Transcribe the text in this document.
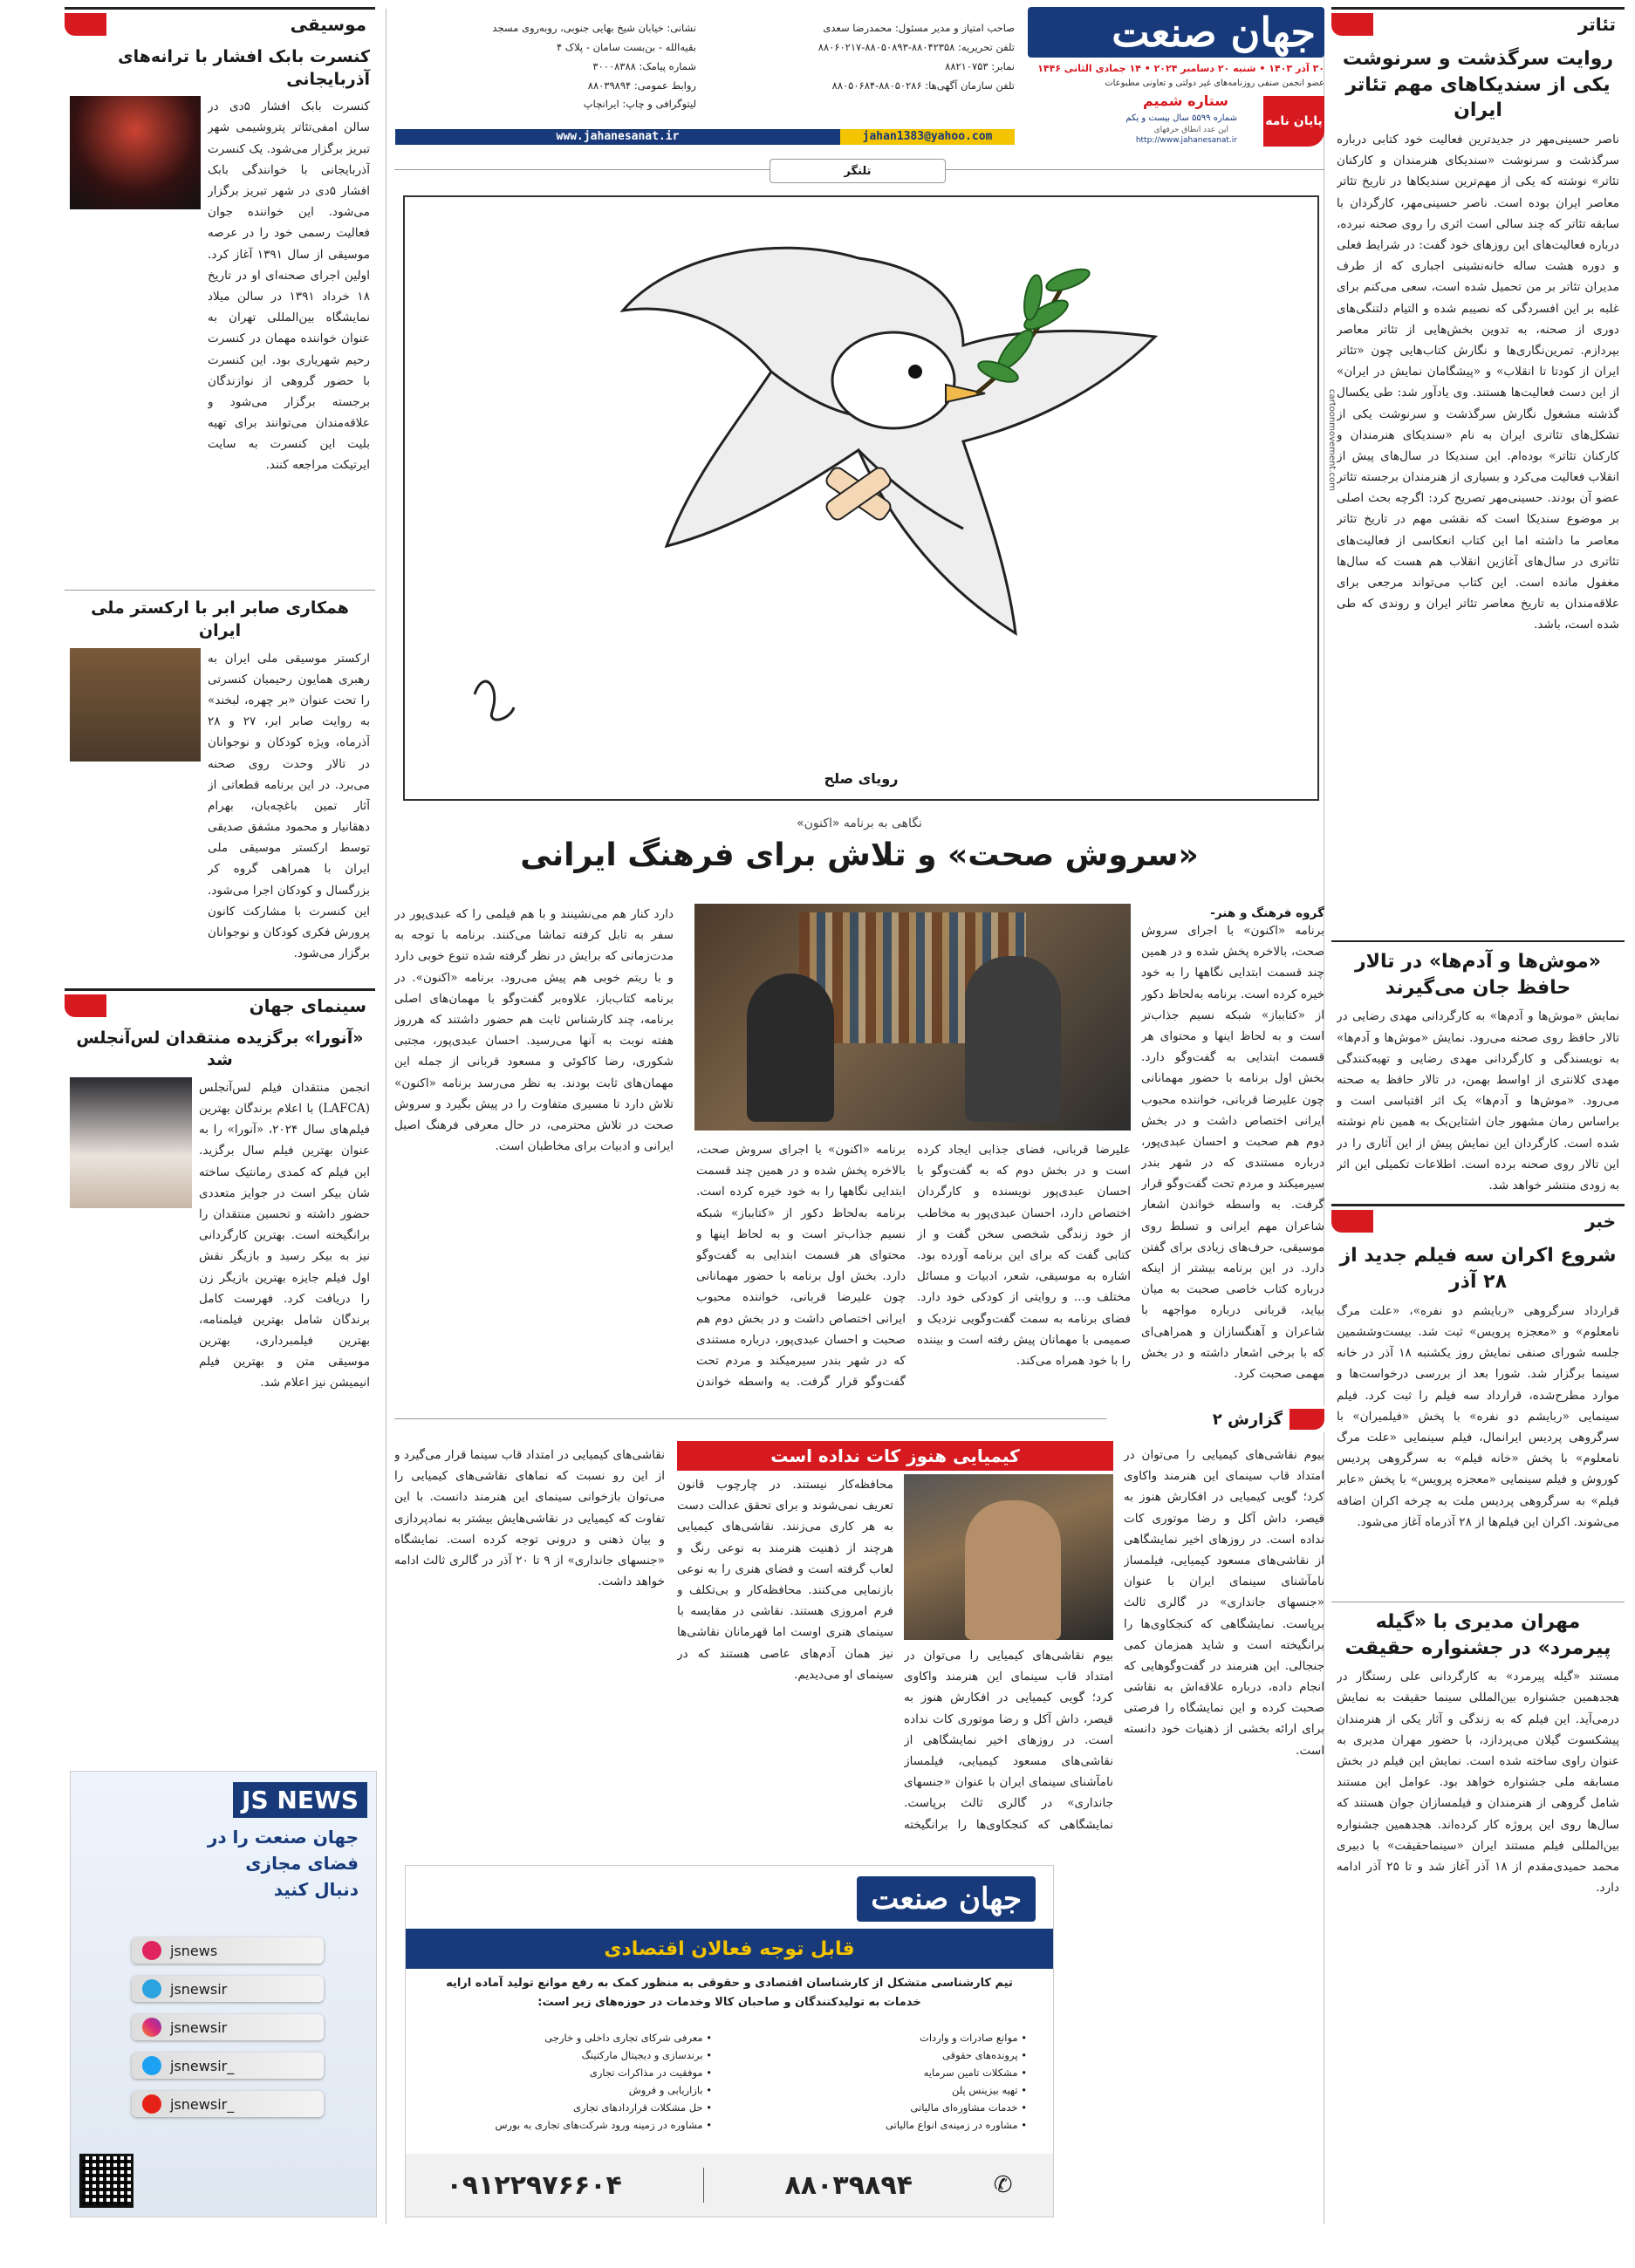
تئاتر
روایت سرگذشت و سرنوشت یکی از سندیکاهای مهم تئاتر ایران
ناصر حسینی‌مهر در جدیدترین فعالیت خود کتابی درباره سرگذشت و سرنوشت «سندیکای هنرمندان و کارکنان تئاتر» نوشته که یکی از مهم‌ترین سندیکاها در تاریخ تئاتر معاصر ایران بوده است. ناصر حسینی‌مهر، کارگردان با سابقه تئاتر که چند سالی است اثری را روی صحنه نبرده، درباره فعالیت‌های این روزهای خود گفت: در شرایط فعلی و دوره هشت ساله خانه‌نشینی اجباری که از طرف مدیران تئاتر بر من تحمیل شده است، سعی می‌کنم برای غلبه بر این افسردگی که نصیبم شده و التیام دلتنگی‌های دوری از صحنه، به تدوین بخش‌هایی از تئاتر معاصر بپردازم. تمرین‌نگاری‌ها و نگارش کتاب‌هایی چون «تئاتر ایران از کودتا تا انقلاب» و «پیشگامان نمایش در ایران» از این دست فعالیت‌ها هستند. وی یادآور شد: طی یکسال گذشته مشغول نگارش سرگذشت و سرنوشت یکی از تشکل‌های تئاتری ایران به نام «سندیکای هنرمندان و کارکنان تئاتر» بوده‌ام. این سندیکا در سال‌های پیش از انقلاب فعالیت می‌کرد و بسیاری از هنرمندان برجسته تئاتر عضو آن بودند. حسینی‌مهر تصریح کرد: اگرچه بحث اصلی بر موضوع سندیکا است که نقشی مهم در تاریخ تئاتر معاصر ما داشته اما این کتاب انعکاسی از فعالیت‌های تئاتری در سال‌های آغازین انقلاب هم هست که سال‌ها مغفول مانده است. این کتاب می‌تواند مرجعی برای علاقه‌مندان به تاریخ معاصر تئاتر ایران و روندی که طی شده است، باشد.
«موش‌ها و آدم‌ها» در تالار حافظ جان می‌گیرند
نمایش «موش‌ها و آدم‌ها» به کارگردانی مهدی رضایی در تالار حافظ روی صحنه می‌رود. نمایش «موش‌ها و آدم‌ها» به نویسندگی و کارگردانی مهدی رضایی و تهیه‌کنندگی مهدی کلانتری از اواسط بهمن، در تالار حافظ به صحنه می‌رود. «موش‌ها و آدم‌ها» یک اثر اقتباسی است و براساس رمان مشهور جان اشتاین‌بک به همین نام نوشته شده است. کارگردان این نمایش پیش از این آثاری را در این تالار روی صحنه برده است. اطلاعات تکمیلی این اثر به زودی منتشر خواهد شد.
خبر
شروع اکران سه فیلم جدید از ۲۸ آذر
قرارداد سرگروهی «ربایشم دو نفره»، «علت مرگ نامعلوم» و «معجزه پرویس» ثبت شد. بیست‌وششمین جلسه شورای صنفی نمایش روز یکشنبه ۱۸ آذر در خانه سینما برگزار شد. شورا بعد از بررسی درخواست‌ها و موارد مطرح‌شده، قرارداد سه فیلم را ثبت کرد. فیلم سینمایی «ربایشم دو نفره» با پخش «فیلمیران» با سرگروهی پردیس ایرانمال، فیلم سینمایی «علت مرگ نامعلوم» با پخش «خانه فیلم» به سرگروهی پردیس کوروش و فیلم سینمایی «معجزه پرویس» با پخش «عابر فیلم» به سرگروهی پردیس ملت به چرخه اکران اضافه می‌شوند. اکران این فیلم‌ها از ۲۸ آذرماه آغاز می‌شود.
مهران مدیری با «گیله پیرمرد» در جشنواره حقیقت
مستند «گیله پیرمرد» به کارگردانی علی رستگار در هجدهمین جشنواره بین‌المللی سینما حقیقت به نمایش درمی‌آید. این فیلم که به زندگی و آثار یکی از هنرمندان پیشکسوت گیلان می‌پردازد، با حضور مهران مدیری به عنوان راوی ساخته شده است. نمایش این فیلم در بخش مسابقه ملی جشنواره خواهد بود. عوامل این مستند شامل گروهی از هنرمندان و فیلمسازان جوان هستند که سال‌ها روی این پروژه کار کرده‌اند. هجدهمین جشنواره بین‌المللی فیلم مستند ایران «سینماحقیقت» با دبیری محمد حمیدی‌مقدم از ۱۸ آذر آغاز شد و تا ۲۵ آذر ادامه دارد.
جهان صنعت
۳۰ آذر ۱۴۰۳ • شنبه ۲۰ دسامبر ۲۰۲۴ • ۱۴ جمادی الثانی ۱۴۴۶
عضو انجمن صنفی روزنامه‌های غیر دولتی و تعاونی مطبوعات
پایان نامه
ستاره شمیم
شماره ۵۵۹۹ سال بیست و یکم
این عدد انطاق حرفهای
http://www.jahanesanat.ir
صاحب امتیاز و مدیر مسئول: محمدرضا سعدی
تلفن تحریریه: ۸۸۰۴۲۳۵۸-۸۸۰۵۰۸۹۳-۸۸۰۶۰۲۱۷
نمابر: ۸۸۲۱۰۷۵۳
تلفن سازمان آگهی‌ها: ۸۸۰۵۰۲۸۶-۸۸۰۵۰۶۸۴
نشانی: خیابان شیخ بهایی جنوبی، روبه‌روی مسجد بقیه‌الله - بن‌بست سامان - پلاک ۴
شماره پیامک: ۳۰۰۰۸۳۸۸
روابط عمومی: ۸۸۰۳۹۸۹۴
لیتوگرافی و چاپ: ایرانچاپ
jahan1383@yahoo.com
www.jahanesanat.ir
تلنگر
رویای صلح
cartoonmovement.com
نگاهی به برنامه «اکنون»
«سروش صحت» و تلاش برای فرهنگ ایرانی
گروه فرهنگ و هنر-
برنامه «اکنون» با اجرای سروش صحت، بالاخره پخش شده و در همین چند قسمت ابتدایی نگاهها را به خود خیره کرده است. برنامه به‌لحاظ دکور از «کتابباز» شبکه نسیم جذاب‌تر است و به لحاظ اینها و محتوای هر قسمت ابتدایی به گفت‌وگو دارد. بخش اول برنامه با حضور مهمانانی چون علیرضا قربانی، خواننده محبوب ایرانی اختصاص داشت و در بخش دوم هم صحبت و احسان عبدی‌پور، درباره مستندی که در شهر بندر سیرمیکند و مردم تحت گفت‌وگو قرار گرفت. به واسطه خواندن اشعار شاعران مهم ایرانی و تسلط روی موسیقی، حرف‌های زیادی برای گفتن دارد. در این برنامه بیشتر از اینکه درباره کتاب خاصی صحبت به میان بیاید، قربانی درباره مواجهه با شاعران و آهنگسازان و همراهی‌ای که با برخی اشعار داشته و در بخش مهمی صحبت کرد.
برنامه «اکنون» با اجرای سروش صحت، بالاخره پخش شده و در همین چند قسمت ابتدایی نگاهها را به خود خیره کرده است. برنامه به‌لحاظ دکور از «کتابباز» شبکه نسیم جذاب‌تر است و به لحاظ اینها و محتوای هر قسمت ابتدایی به گفت‌وگو دارد. بخش اول برنامه با حضور مهمانانی چون علیرضا قربانی، خواننده محبوب ایرانی اختصاص داشت و در بخش دوم هم صحبت و احسان عبدی‌پور، درباره مستندی که در شهر بندر سیرمیکند و مردم تحت گفت‌وگو قرار گرفت. به واسطه خواندن
علیرضا قربانی، فضای جذابی ایجاد کرده است و در بخش دوم که به گفت‌وگو با احسان عبدی‌پور نویسنده و کارگردان اختصاص دارد، احسان عبدی‌پور به مخاطب از خود زندگی شخصی سخن گفت و از کتابی گفت که برای این برنامه آورده بود. اشاره به موسیقی، شعر، ادبیات و مسائل مختلف و... و روایتی از کودکی خود دارد. فضای برنامه به سمت گفت‌وگویی نزدیک و صمیمی با مهمانان پیش رفته است و بیننده را با خود همراه می‌کند.
دارد کنار هم می‌نشینند و با هم فیلمی را که عبدی‌پور در سفر به تابل کرفته تماشا می‌کنند. برنامه با توجه به مدت‌زمانی که برایش در نظر گرفته شده تنوع خوبی دارد و با ریتم خوبی هم پیش می‌رود. برنامه «اکنون». در برنامه کتاب‌باز، علاوه‌بر گفت‌وگو با مهمان‌های اصلی برنامه، چند کارشناس ثابت هم حضور داشتند که هرروز هفته نوبت به آنها می‌رسید. احسان عبدی‌پور، مجتبی شکوری، رضا کاکوئی و مسعود قربانی از جمله این مهمان‌های ثابت بودند. به نظر می‌رسد برنامه «اکنون» تلاش دارد تا مسیری متفاوت را در پیش بگیرد و سروش صحت در تلاش محترمی، در حال معرفی فرهنگ اصیل ایرانی و ادبیات برای مخاطبان است.
گزارش ۲
بیوم نقاشی‌های کیمیایی را می‌توان در امتداد قاب سینمای این هنرمند واکاوی کرد؛ گویی کیمیایی در افکارش هنوز به قیصر، داش آکل و رضا موتوری کات نداده است. در روزهای اخیر نمایشگاهی از نقاشی‌های مسعود کیمیایی، فیلمساز نامآشنای سینمای ایران با عنوان «جنسهای جانداری» در گالری ثالث برپاست. نمایشگاهی که کنجکاوی‌ها را برانگیخته است و شاید همزمان کمی جنجالی. این هنرمند در گفت‌وگوهایی که انجام داده، درباره علاقه‌اش به نقاشی صحبت کرده و این نمایشگاه را فرصتی برای ارائه بخشی از ذهنیات خود دانسته است.
کیمیایی هنوز کات نداده است
محافظه‌کار نیستند. در چارچوب قانون تعریف نمی‌شوند و برای تحقق عدالت دست به هر کاری می‌زنند. نقاشی‌های کیمیایی هرچند از ذهنیت هنرمند به نوعی رنگ و لعاب گرفته است و فضای هنری را به نوعی بازنمایی می‌کنند. محافظه‌کار و بی‌تکلف و فرم امروزی هستند. نقاشی در مقایسه با سینمای هنری اوست اما قهرمانان نقاشی‌ها نیز همان آدم‌های عاصی هستند که در سینمای او می‌دیدیم.
بیوم نقاشی‌های کیمیایی را می‌توان در امتداد قاب سینمای این هنرمند واکاوی کرد؛ گویی کیمیایی در افکارش هنوز به قیصر، داش آکل و رضا موتوری کات نداده است. در روزهای اخیر نمایشگاهی از نقاشی‌های مسعود کیمیایی، فیلمساز نامآشنای سینمای ایران با عنوان «جنسهای جانداری» در گالری ثالث برپاست. نمایشگاهی که کنجکاوی‌ها را برانگیخته
نقاشی‌های کیمیایی در امتداد قاب سینما قرار می‌گیرد و از این رو نسبت که نماهای نقاشی‌های کیمیایی را می‌توان بازخوانی سینمای این هنرمند دانست. با این تفاوت که کیمیایی در نقاشی‌هایش بیشتر به نمادپردازی و بیان ذهنی و درونی توجه کرده است. نمایشگاه «جنسهای جانداری» از ۹ تا ۲۰ آذر در گالری ثالث ادامه خواهد داشت.
جهان صنعت
قابل توجه فعالان اقتصادی
تیم کارشناسی متشکل از کارشناسان اقتصادی و حقوقی به منظور کمک به رفع موانع تولید آماده ارایه خدمات به تولیدکنندگان و صاحبان کالا وخدمات در حوزه‌های زیر است:
• موانع صادرات و واردات
• پرونده‌های حقوقی
• مشکلات تامین سرمایه
• تهیه بیزینس پلن
• خدمات مشاوره‌ای مالیاتی
• مشاوره در زمینه‌ی انواع مالیاتی
• معرفی شرکای تجاری داخلی و خارجی
• برندسازی و دیجیتال مارکتینگ
• موفقیت در مذاکرات تجاری
• بازاریابی و فروش
• حل مشکلات قراردادهای تجاری
• مشاوره در زمینه ورود شرکت‌های تجاری به بورس
✆
۸۸۰۳۹۸۹۴
۰۹۱۲۲۹۷۶۶۰۴
موسیقی
کنسرت بابک افشار با ترانه‌های آذربایجانی
کنسرت بابک افشار ۵دی در سالن امفی‌تئاتر پتروشیمی شهر تبریز برگزار می‌شود. یک کنسرت آذربایجانی با خوانندگی بابک افشار ۵دی در شهر تبریز برگزار می‌شود. این خواننده جوان فعالیت رسمی خود را در عرصه موسیقی از سال ۱۳۹۱ آغاز کرد. اولین اجرای صحنه‌ای او در تاریخ ۱۸ خرداد ۱۳۹۱ در سالن میلاد نمایشگاه بین‌المللی تهران به عنوان خواننده مهمان در کنسرت رحیم شهریاری بود. این کنسرت با حضور گروهی از نوازندگان برجسته برگزار می‌شود و علاقه‌مندان می‌توانند برای تهیه بلیت این کنسرت به سایت ایرتیکت مراجعه کنند.
همکاری صابر ابر با ارکستر ملی ایران
ارکستر موسیقی ملی ایران به رهبری همایون رحیمیان کنسرتی را تحت عنوان «بر چهره، لبخند» به روایت صابر ابر، ۲۷ و ۲۸ آذرماه، ویژه کودکان و نوجوانان در تالار وحدت روی صحنه می‌برد. در این برنامه قطعاتی از آثار تمین باغچه‌بان، بهرام دهقانیار و محمود مشفق صدیقی توسط ارکستر موسیقی ملی ایران با همراهی گروه کر بزرگسال و کودکان اجرا می‌شود. این کنسرت با مشارکت کانون پرورش فکری کودکان و نوجوانان برگزار می‌شود.
سینمای جهان
«آنورا» برگزیده منتقدان لس‌آنجلس شد
انجمن منتقدان فیلم لس‌آنجلس (LAFCA) با اعلام برندگان بهترین فیلم‌های سال ۲۰۲۴، «آنورا» را به عنوان بهترین فیلم سال برگزید. این فیلم که کمدی رمانتیک ساخته شان بیکر است در جوایز متعددی حضور داشته و تحسین منتقدان را برانگیخته است. بهترین کارگردانی نیز به بیکر رسید و بازیگر نقش اول فیلم جایزه بهترین بازیگر زن را دریافت کرد. فهرست کامل برندگان شامل بهترین فیلمنامه، بهترین فیلمبرداری، بهترین موسیقی متن و بهترین فیلم انیمیشن نیز اعلام شد.
JS NEWS
جهان صنعت را در فضای مجازی دنبال کنید
jsnews
jsnewsir
jsnewsir
jsnewsir_
jsnewsir_
